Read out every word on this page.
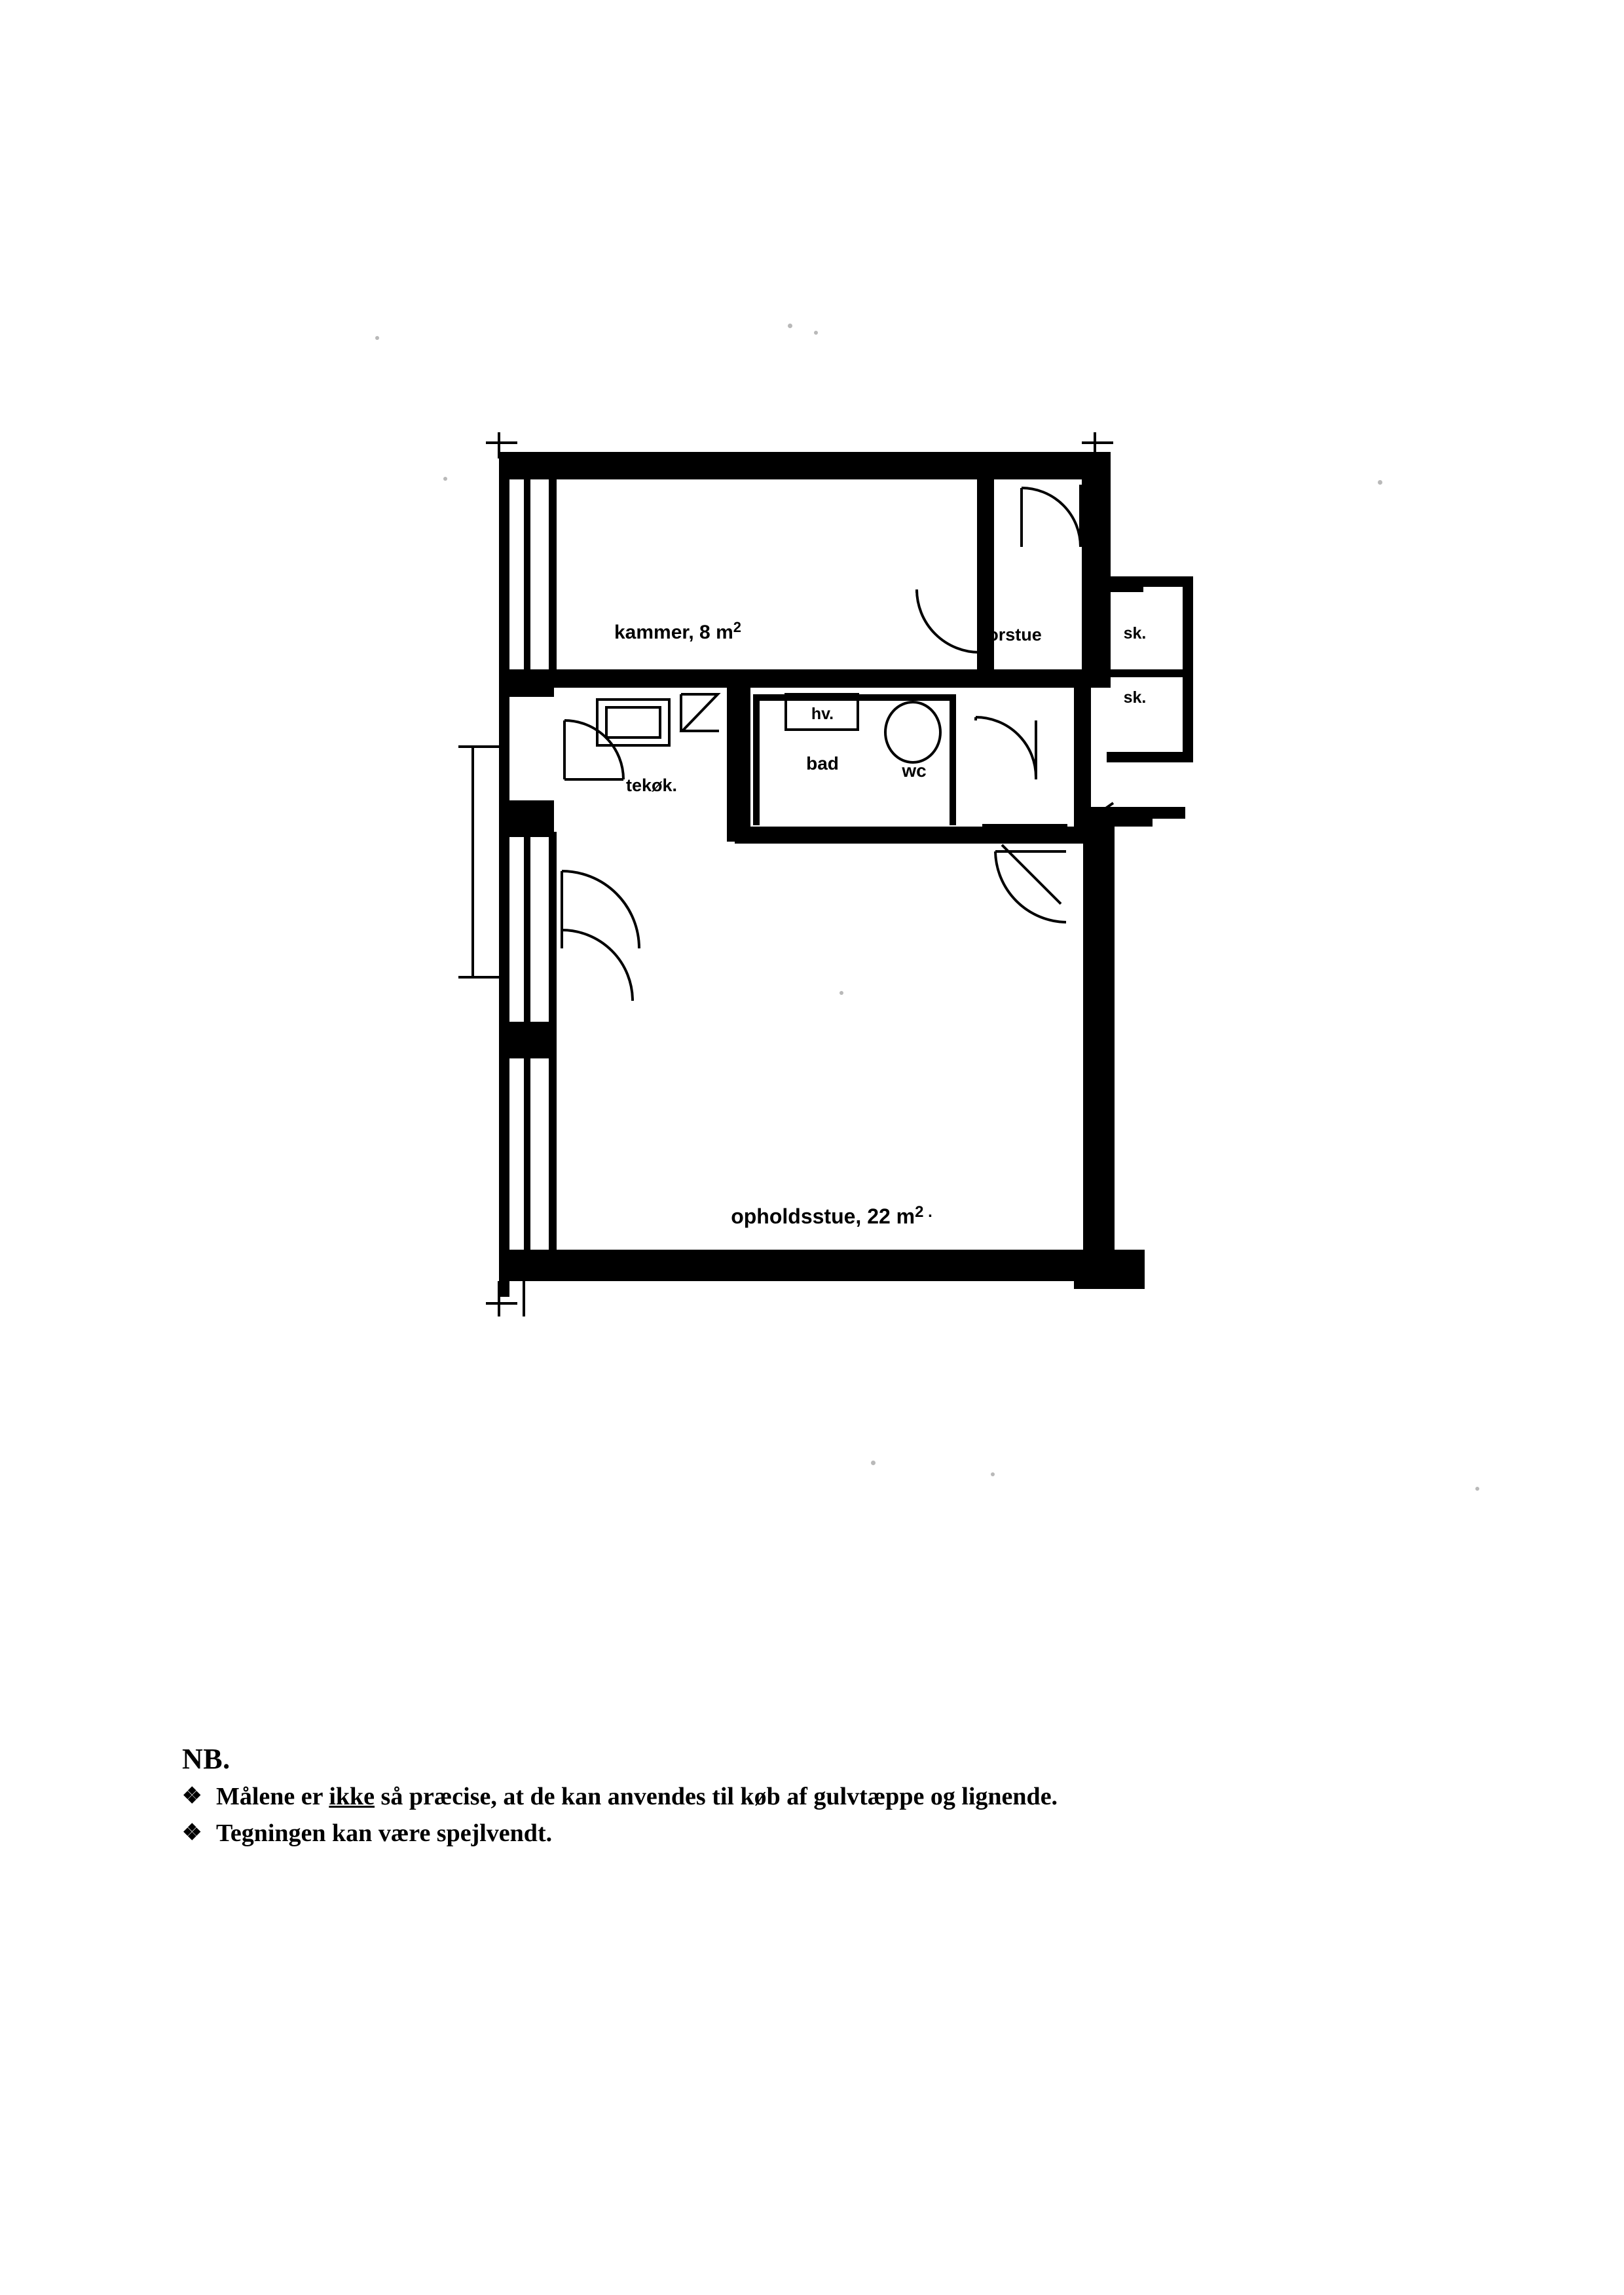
kammer, 8 $m^2$	forstue	sk.
sk.
hv.
bad	wc
tekøk.
opholdsstue, 22 $m^{2 .}$
NB.
❖ Målene er ikke så præcise, at de kan anvendes til køb af gulvtæppe og lignende.
❖ Tegningen kan være spejlvendt.
